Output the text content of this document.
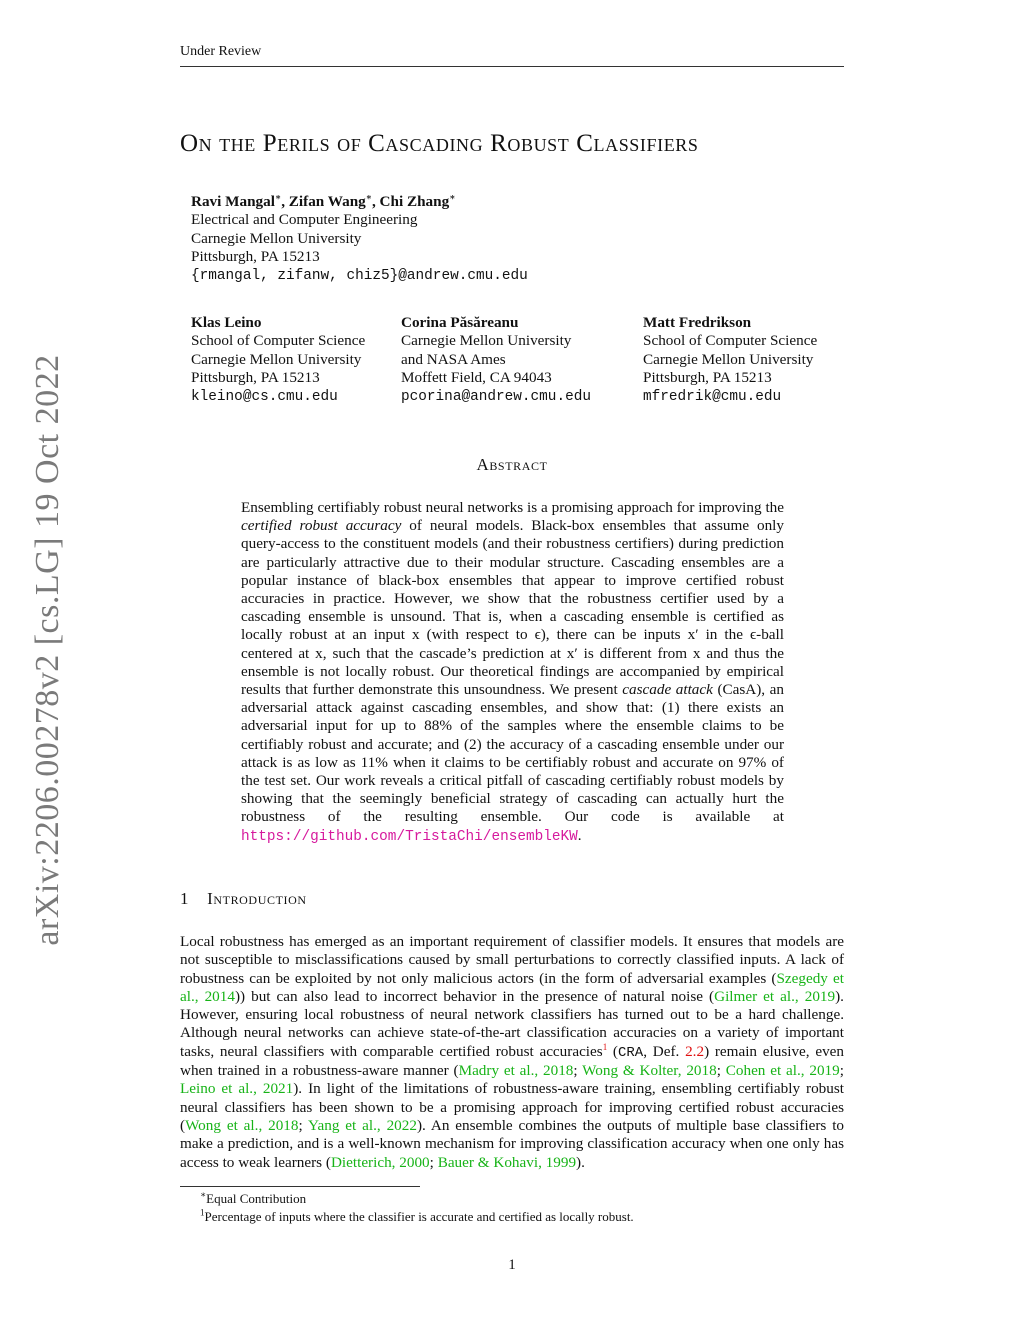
Under Review
arXiv:2206.00278v2 [cs.LG] 19 Oct 2022
On the Perils of Cascading Robust Classifiers
Ravi Mangal∗, Zifan Wang∗, Chi Zhang∗
Electrical and Computer Engineering
Carnegie Mellon University
Pittsburgh, PA 15213
{rmangal, zifanw, chiz5}@andrew.cmu.edu
Klas Leino
School of Computer Science
Carnegie Mellon University
Pittsburgh, PA 15213
kleino@cs.cmu.edu
Corina Păsăreanu
Carnegie Mellon University
and NASA Ames
Moffett Field, CA 94043
pcorina@andrew.cmu.edu
Matt Fredrikson
School of Computer Science
Carnegie Mellon University
Pittsburgh, PA 15213
mfredrik@cmu.edu
Abstract
Ensembling certifiably robust neural networks is a promising approach for improving the certified robust accuracy of neural models. Black-box ensembles that assume only query-access to the constituent models (and their robustness certifiers) during prediction are particularly attractive due to their modular structure. Cascading ensembles are a popular instance of black-box ensembles that appear to improve certified robust accuracies in practice. However, we show that the robustness certifier used by a cascading ensemble is unsound. That is, when a cascading ensemble is certified as locally robust at an input x (with respect to ϵ), there can be inputs x′ in the ϵ-ball centered at x, such that the cascade’s prediction at x′ is different from x and thus the ensemble is not locally robust. Our theoretical findings are accompanied by empirical results that further demonstrate this unsoundness. We present cascade attack (CasA), an adversarial attack against cascading ensembles, and show that: (1) there exists an adversarial input for up to 88% of the samples where the ensemble claims to be certifiably robust and accurate; and (2) the accuracy of a cascading ensemble under our attack is as low as 11% when it claims to be certifiably robust and accurate on 97% of the test set. Our work reveals a critical pitfall of cascading certifiably robust models by showing that the seemingly beneficial strategy of cascading can actually hurt the robustness of the resulting ensemble. Our code is available at https://github.com/TristaChi/ensembleKW.
1 Introduction
Local robustness has emerged as an important requirement of classifier models. It ensures that models are not susceptible to misclassifications caused by small perturbations to correctly classified inputs. A lack of robustness can be exploited by not only malicious actors (in the form of adversarial examples (Szegedy et al., 2014)) but can also lead to incorrect behavior in the presence of natural noise (Gilmer et al., 2019). However, ensuring local robustness of neural network classifiers has turned out to be a hard challenge. Although neural networks can achieve state-of-the-art classification accuracies on a variety of important tasks, neural classifiers with comparable certified robust accuracies$^1$ (CRA, Def. 2.2) remain elusive, even when trained in a robustness-aware manner (Madry et al., 2018; Wong & Kolter, 2018; Cohen et al., 2019; Leino et al., 2021). In light of the limitations of robustness-aware training, ensembling certifiably robust neural classifiers has been shown to be a promising approach for improving certified robust accuracies (Wong et al., 2018; Yang et al., 2022). An ensemble combines the outputs of multiple base classifiers to make a prediction, and is a well-known mechanism for improving classification accuracy when one only has access to weak learners (Dietterich, 2000; Bauer & Kohavi, 1999).
∗Equal Contribution
$^1$Percentage of inputs where the classifier is accurate and certified as locally robust.
1
